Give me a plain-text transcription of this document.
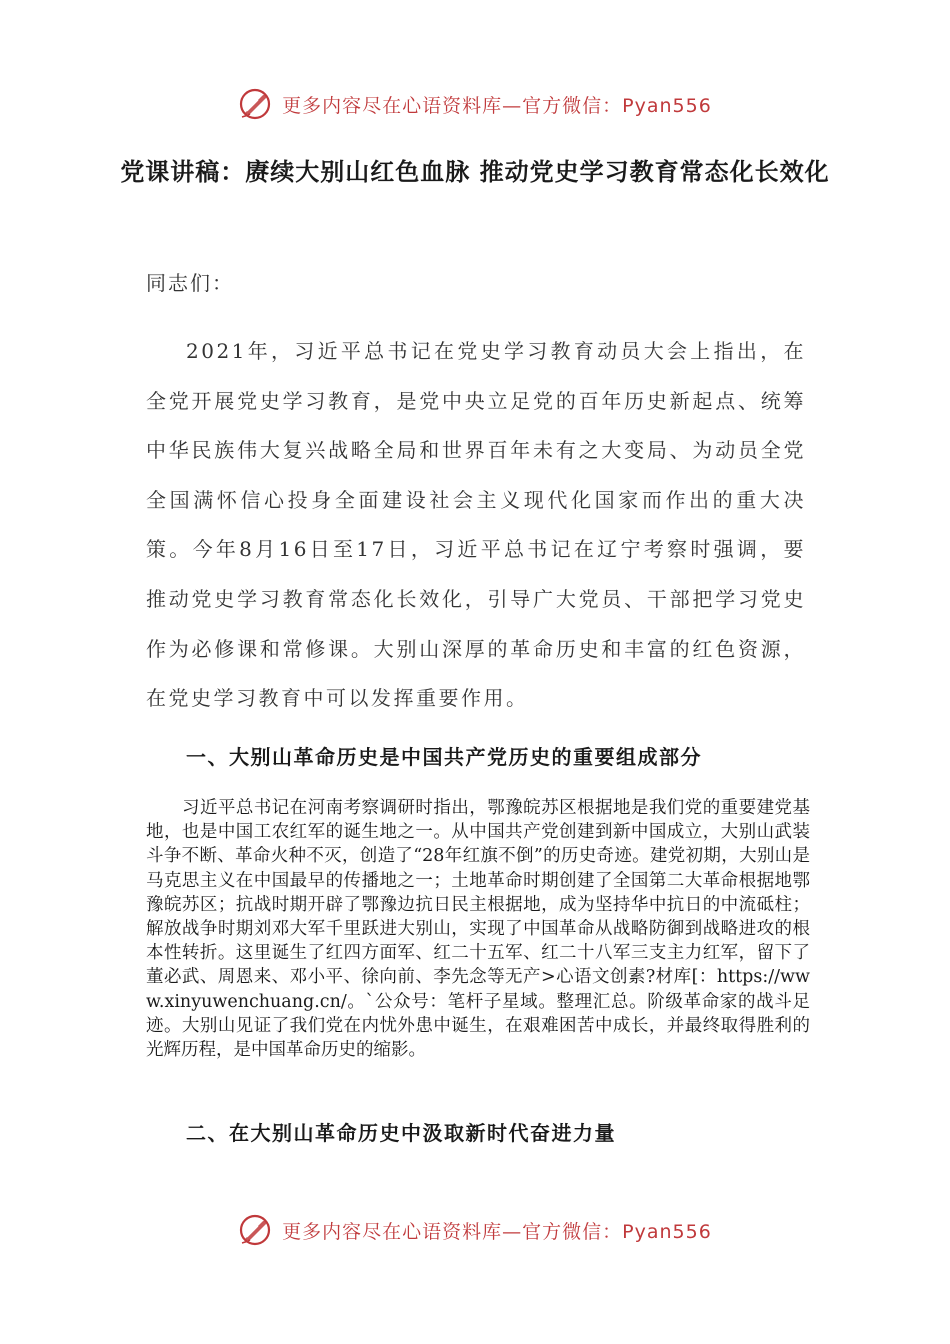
更多内容尽在心语资料库—官方微信：Pyan556
党课讲稿：赓续大别山红色血脉 推动党史学习教育常态化长效化
同志们：

2021年，习近平总书记在党史学习教育动员大会上指出，在全党开展党史学习教育，是党中央立足党的百年历史新起点、统筹中华民族伟大复兴战略全局和世界百年未有之大变局、为动员全党全国满怀信心投身全面建设社会主义现代化国家而作出的重大决策。今年8月16日至17日，习近平总书记在辽宁考察时强调，要推动党史学习教育常态化长效化，引导广大党员、干部把学习党史作为必修课和常修课。大别山深厚的革命历史和丰富的红色资源，在党史学习教育中可以发挥重要作用。

一、大别山革命历史是中国共产党历史的重要组成部分

习近平总书记在河南考察调研时指出，鄂豫皖苏区根据地是我们党的重要建党基地，也是中国工农红军的诞生地之一。从中国共产党创建到新中国成立，大别山武装斗争不断、革命火种不灭，创造了“28年红旗不倒”的历史奇迹。建党初期，大别山是马克思主义在中国最早的传播地之一；土地革命时期创建了全国第二大革命根据地鄂豫皖苏区；抗战时期开辟了鄂豫边抗日民主根据地，成为坚持华中抗日的中流砥柱；解放战争时期刘邓大军千里跃进大别山，实现了中国革命从战略防御到战略进攻的根本性转折。这里诞生了红四方面军、红二十五军、红二十八军三支主力红军，留下了董必武、周恩来、邓小平、徐向前、李先念等无产>心语文创素?材库[：https://www.xinyuwenchuang.cn/。`公众号：笔杆子星域。整理汇总。阶级革命家的战斗足迹。大别山见证了我们党在内忧外患中诞生，在艰难困苦中成长，并最终取得胜利的光辉历程，是中国革命历史的缩影。

二、在大别山革命历史中汲取新时代奋进力量
更多内容尽在心语资料库—官方微信：Pyan556
